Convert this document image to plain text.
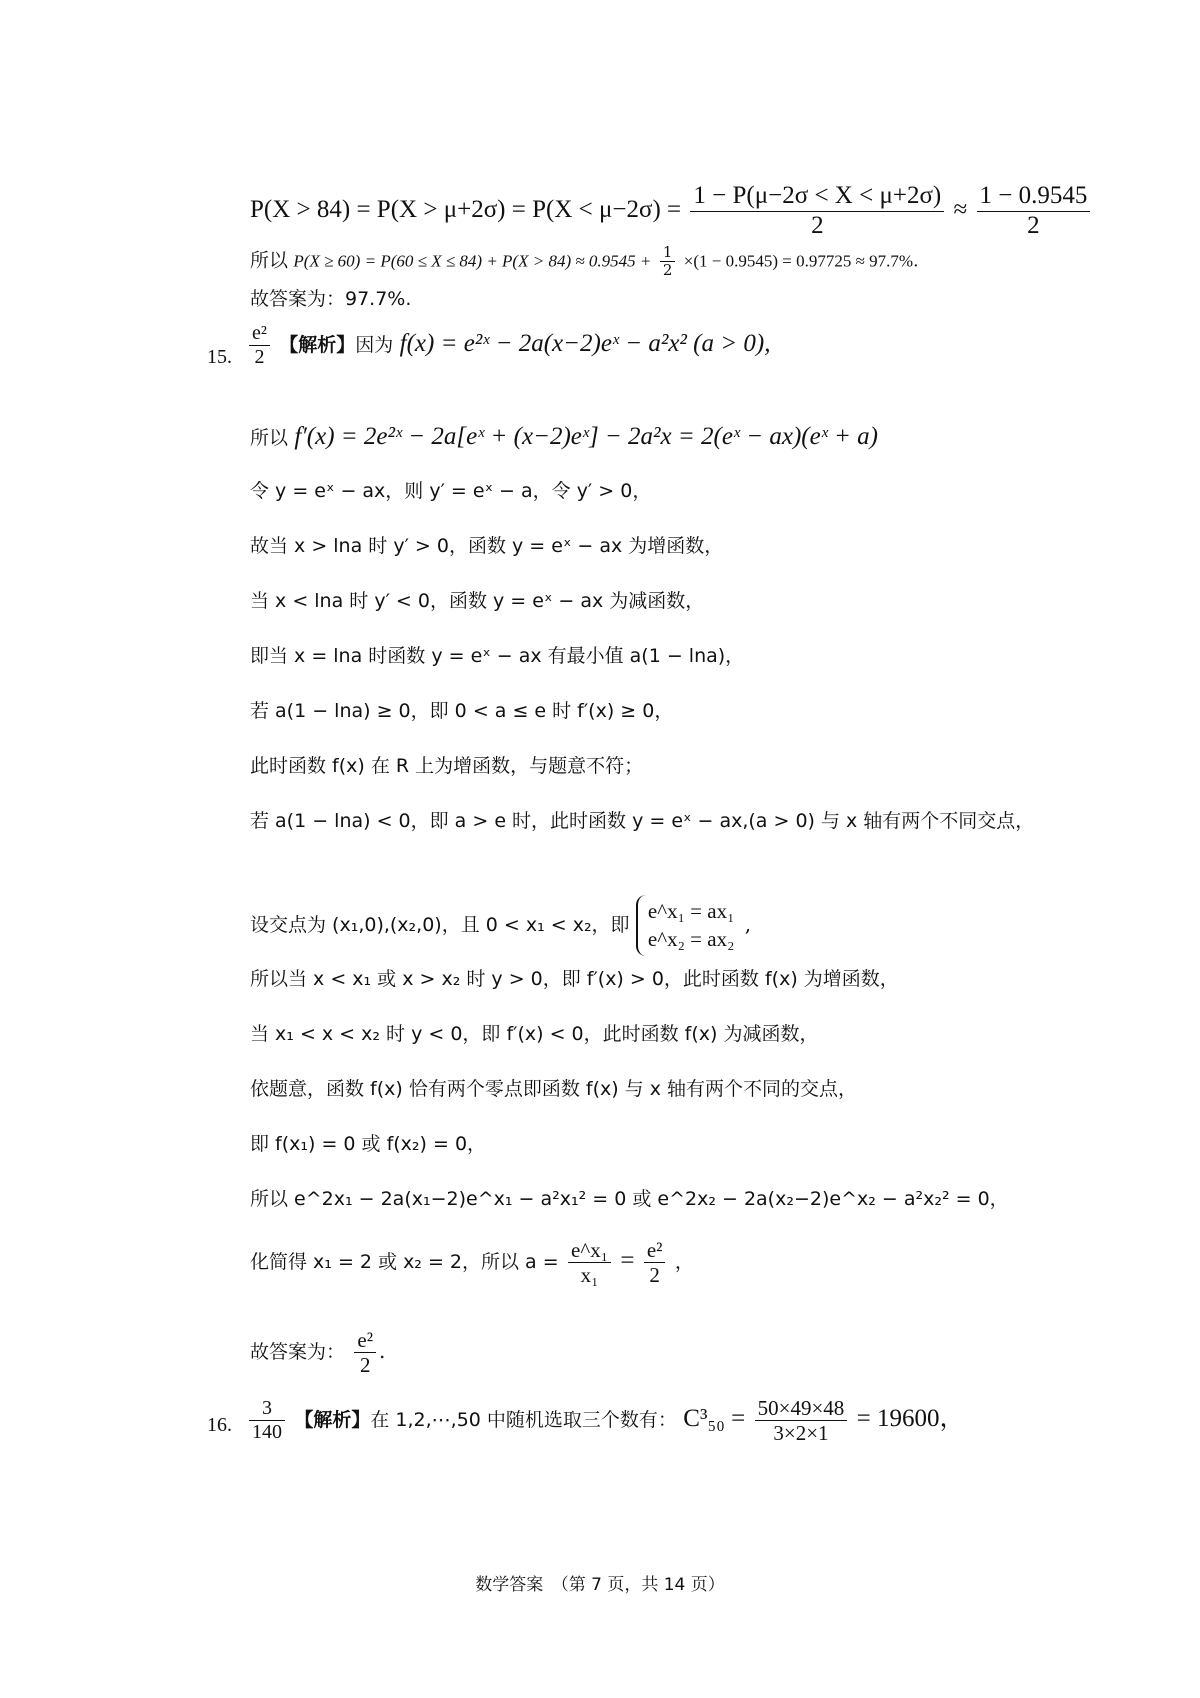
$P(X > 84) = P(X > \mu+2\sigma) = P(X < \mu-2\sigma) = \frac{1 - P(\mu-2\sigma < X < \mu+2\sigma)}{2} \approx \frac{1 - 0.9545}{2}$
所以 $P(X \ge 60) = P(60 \le X \le 84) + P(X > 84) \approx 0.9545 + \frac{1}{2} \times(1 - 0.9545) = 0.97725 \approx 97.7\%$.
故答案为：97.7%.
15. $\frac{\text{e²}}{2}$ 【解析】因为 f(x) = e²ˣ − 2a(x−2)eˣ − a²x² (a > 0),
所以 f′(x) = 2e²ˣ − 2a[eˣ + (x−2)eˣ] − 2a²x = 2(eˣ − ax)(eˣ + a)
令 y = eˣ − ax，则 y′ = eˣ − a，令 y′ > 0，
故当 x > lna 时 y′ > 0，函数 y = eˣ − ax 为增函数，
当 x < lna 时 y′ < 0，函数 y = eˣ − ax 为减函数，
即当 x = lna 时函数 y = eˣ − ax 有最小值 a(1 − lna)，
若 a(1 − lna) ≥ 0，即 0 < a ≤ e 时 f′(x) ≥ 0，
此时函数 f(x) 在 R 上为增函数，与题意不符；
若 a(1 − lna) < 0，即 a > e 时，此时函数 y = eˣ − ax,(a > 0) 与 x 轴有两个不同交点，
设交点为 (x₁,0),(x₂,0)，且 0 < x₁ < x₂，即
e^x₁ = ax₁
e^x₂ = ax₂
,
所以当 x < x₁ 或 x > x₂ 时 y > 0，即 f′(x) > 0，此时函数 f(x) 为增函数，
当 x₁ < x < x₂ 时 y < 0，即 f′(x) < 0，此时函数 f(x) 为减函数，
依题意，函数 f(x) 恰有两个零点即函数 f(x) 与 x 轴有两个不同的交点，
即 f(x₁) = 0 或 f(x₂) = 0，
所以 e^2x₁ − 2a(x₁−2)e^x₁ − a²x₁² = 0 或 e^2x₂ − 2a(x₂−2)e^x₂ − a²x₂² = 0，
化简得 x₁ = 2 或 x₂ = 2，所以 $a = \frac{\text{e\textasciicircum{}x₁}}{\text{x₁}} = \frac{\text{e²}}{2}$ ，
故答案为： $\frac{\text{e²}}{2}$ .
16. $\frac{3}{140}$ 【解析】在 1,2,⋯,50 中随机选取三个数有： $C^3_{50} = \frac{50\times 49\times 48}{3\times 2\times 1} = 19600$，
数学答案　（第 7 页，共 14 页）
